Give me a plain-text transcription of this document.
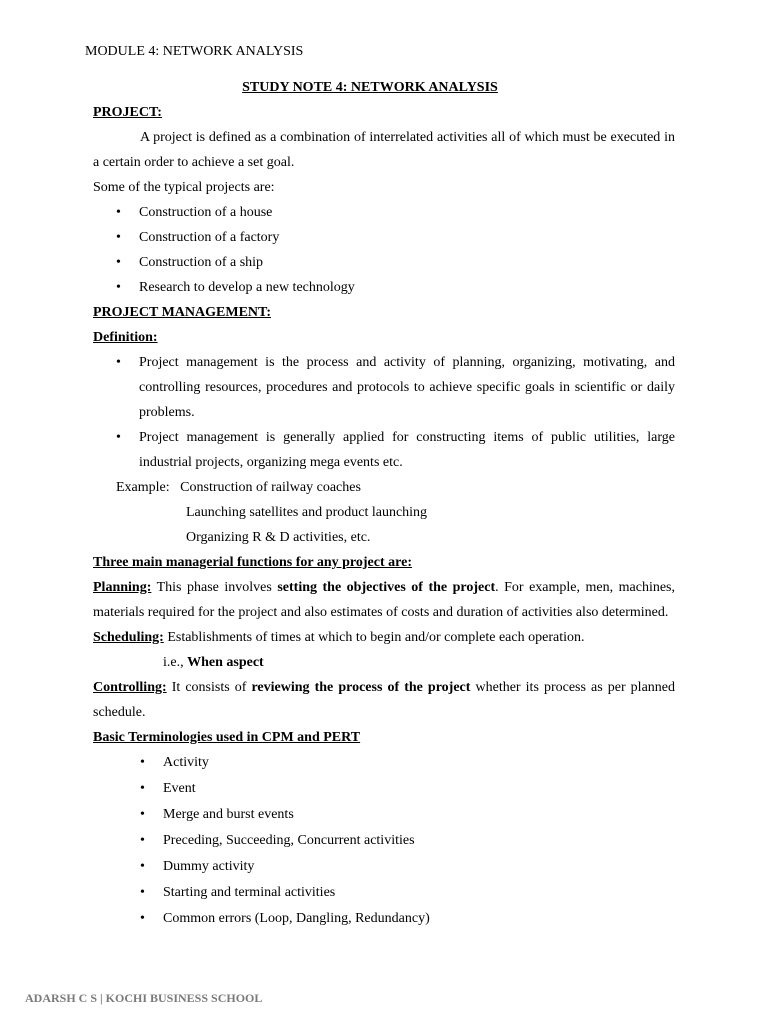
MODULE 4: NETWORK ANALYSIS
STUDY NOTE 4: NETWORK ANALYSIS

PROJECT:

A project is defined as a combination of interrelated activities all of which must be executed in a certain order to achieve a set goal.

Some of the typical projects are:

• Construction of a house
• Construction of a factory
• Construction of a ship
• Research to develop a new technology

PROJECT MANAGEMENT:

Definition:

• Project management is the process and activity of planning, organizing, motivating, and controlling resources, procedures and protocols to achieve specific goals in scientific or daily problems.
• Project management is generally applied for constructing items of public utilities, large industrial projects, organizing mega events etc.

Example: Construction of railway coaches

Launching satellites and product launching

Organizing R & D activities, etc.

Three main managerial functions for any project are:

Planning: This phase involves setting the objectives of the project. For example, men, machines, materials required for the project and also estimates of costs and duration of activities also determined.

Scheduling: Establishments of times at which to begin and/or complete each operation.

i.e., When aspect

Controlling: It consists of reviewing the process of the project whether its process as per planned schedule.

Basic Terminologies used in CPM and PERT

• Activity
• Event
• Merge and burst events
• Preceding, Succeeding, Concurrent activities
• Dummy activity
• Starting and terminal activities
• Common errors (Loop, Dangling, Redundancy)
ADARSH C S | KOCHI BUSINESS SCHOOL
